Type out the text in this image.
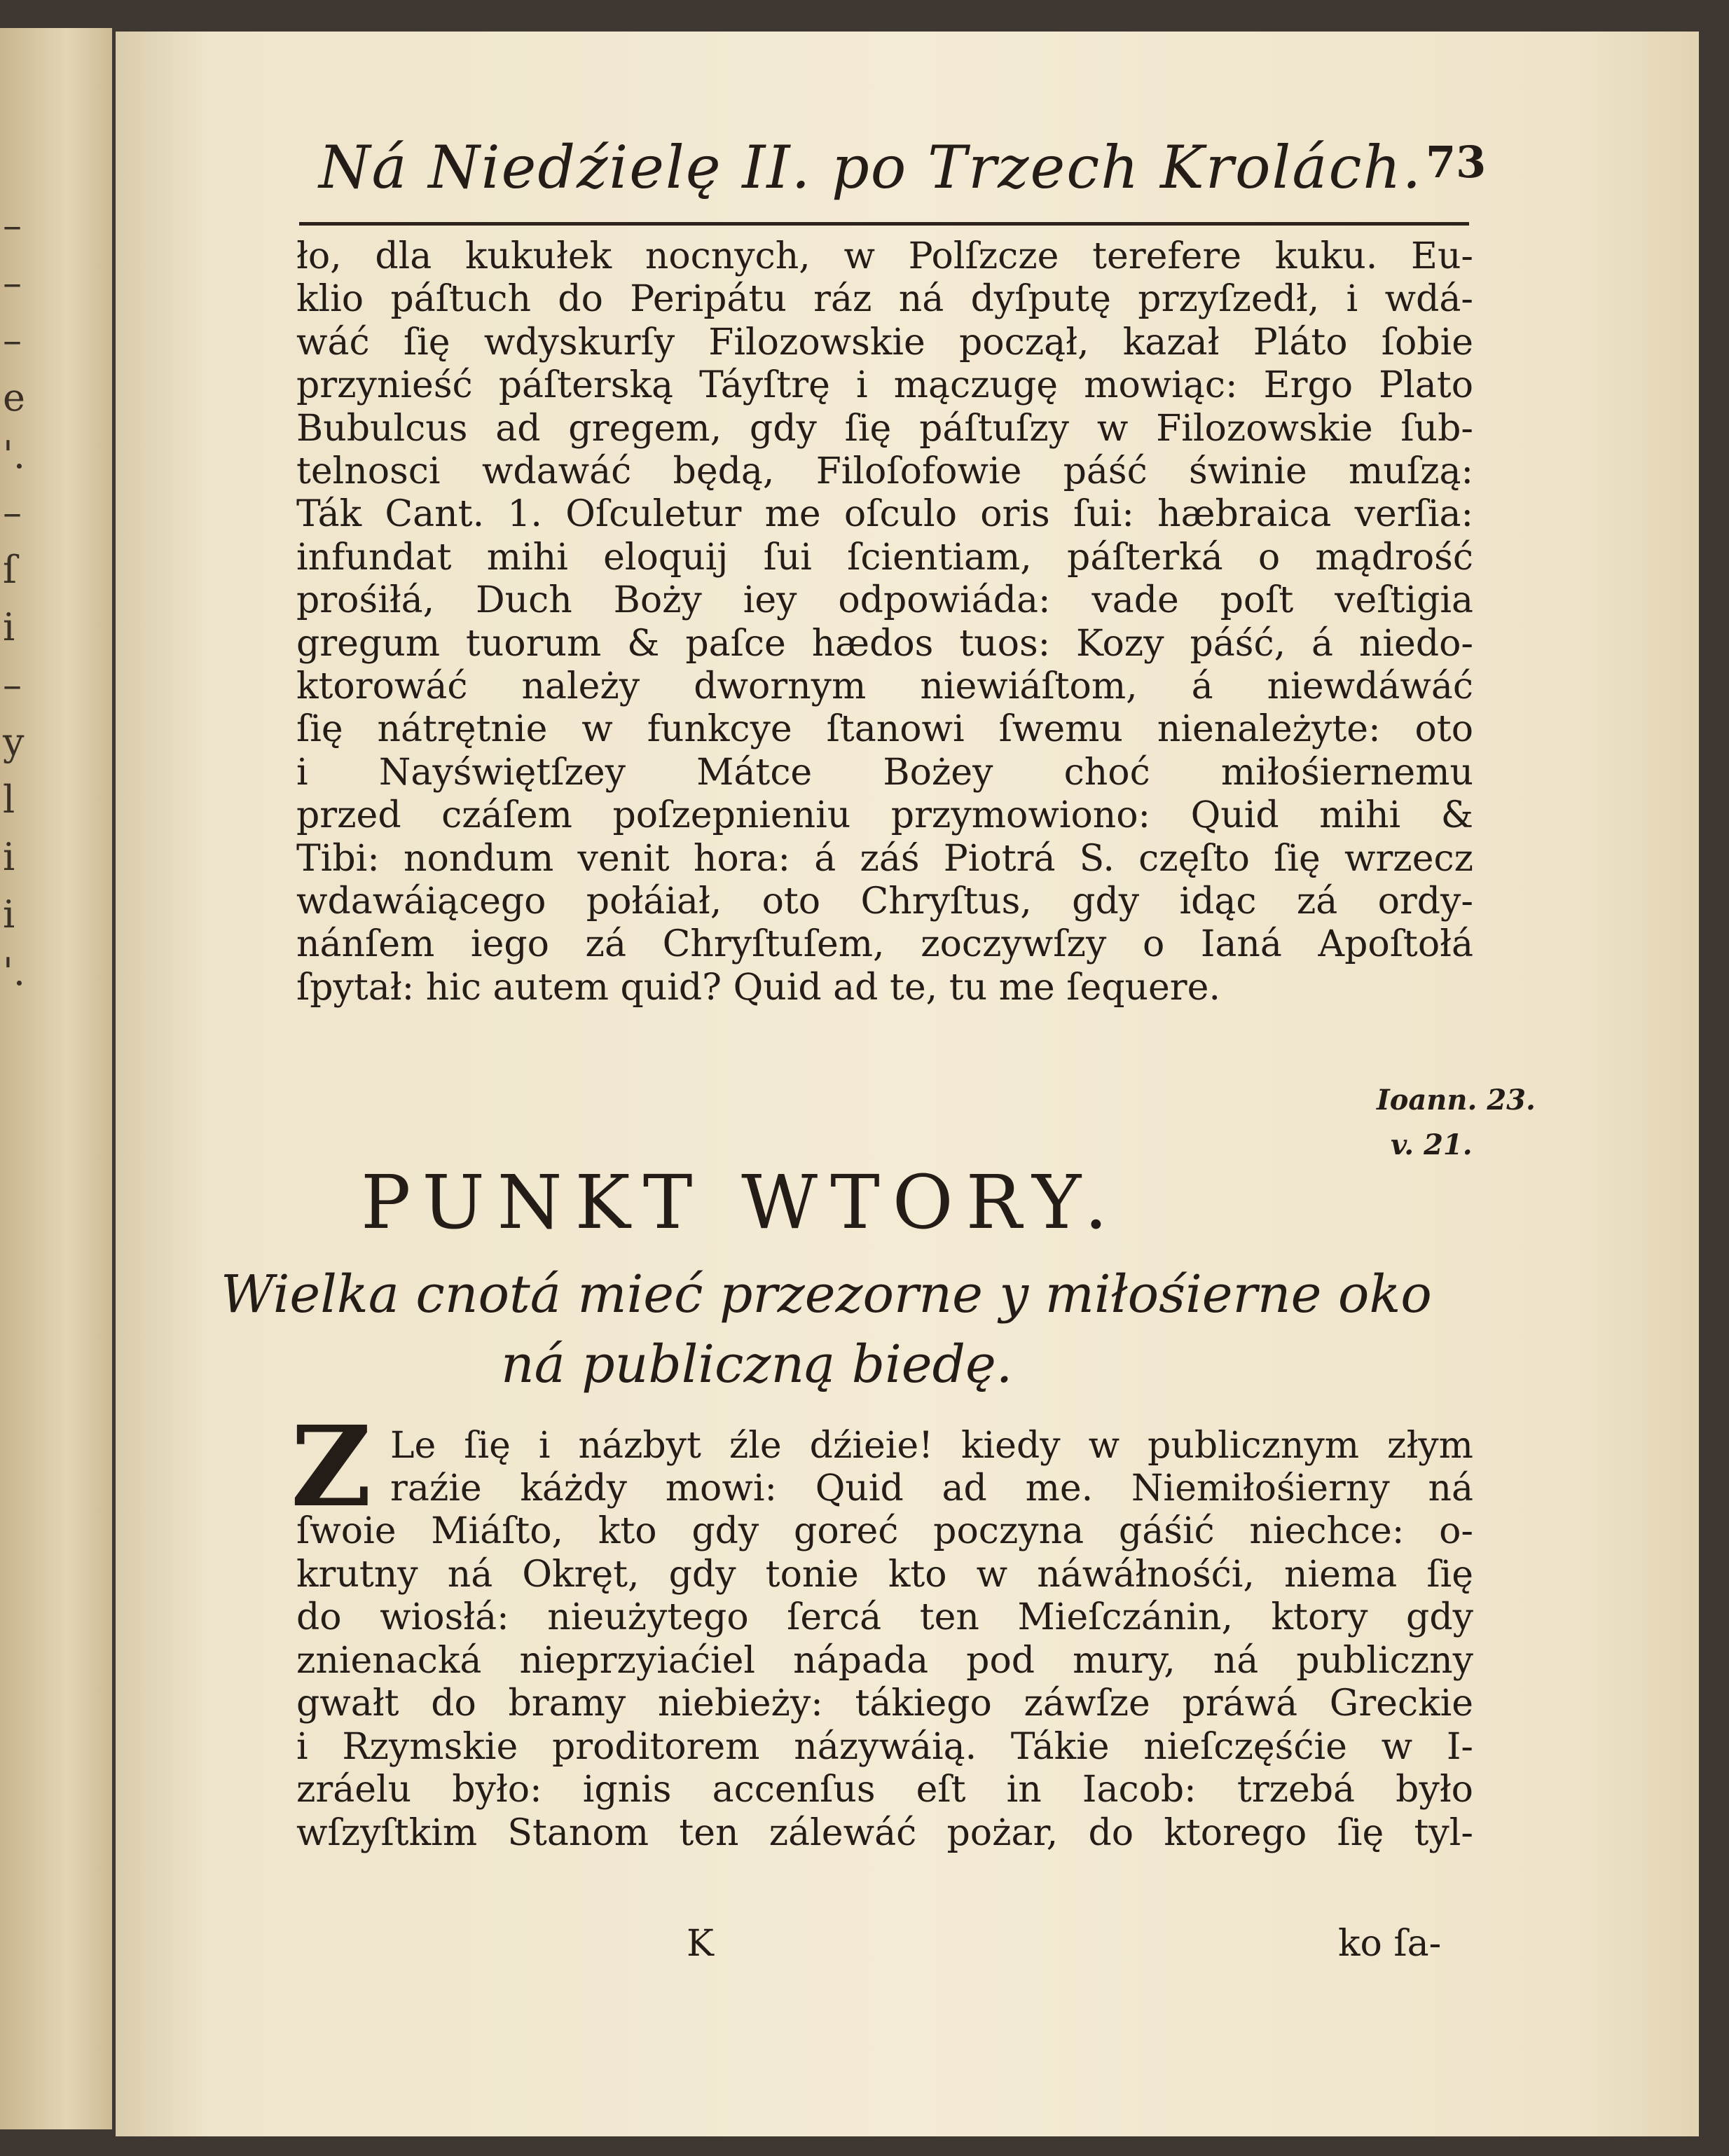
–
–
–
e
'.
–
ſ
i
–
y
l
i
i
'.
Ná Niedźielę II. po Trzech Krolách. 73
ło, dla kukułek nocnych, w Polſzcze terefere kuku. Eu-
klio páſtuch do Peripátu ráz ná dyſputę przyſzedł, i wdá-
wáć ſię wdyskurſy Filozowskie począł, kazał Pláto ſobie
przynieść páſterską Táyſtrę i mączugę mowiąc: Ergo Plato
Bubulcus ad gregem, gdy ſię páſtuſzy w Filozowskie ſub-
telnosci wdawáć będą, Filoſofowie páść świnie muſzą:
Ták Cant. 1. Oſculetur me oſculo oris ſui: hæbraica verſia:
infundat mihi eloquij ſui ſcientiam, páſterká o mądrość
prośiłá, Duch Boży iey odpowiáda: vade poſt veſtigia
gregum tuorum & paſce hædos tuos: Kozy páść, á niedo-
ktorowáć należy dwornym niewiáſtom, á niewdáwáć
ſię nátrętnie w funkcye ſtanowi ſwemu nienależyte: oto
i Nayświętſzey Mátce Bożey choć miłośiernemu
przed czáſem poſzepnieniu przymowiono: Quid mihi &
Tibi: nondum venit hora: á záś Piotrá S. częſto ſię wrzecz
wdawáiącego połáiał, oto Chryſtus, gdy idąc zá ordy-
nánſem iego zá Chryſtuſem, zoczywſzy o Ianá Apoſtołá
ſpytał: hic autem quid? Quid ad te, tu me ſequere.
Ioann. 23.
v. 21.
PUNKT WTORY.
Wielka cnotá mieć przezorne y miłośierne oko
ná publiczną biedę.
Z Le ſię i názbyt źle dźieie! kiedy w publicznym złym
raźie káżdy mowi: Quid ad me. Niemiłośierny ná
ſwoie Miáſto, kto gdy goreć poczyna gáśić niechce: o-
krutny ná Okręt, gdy tonie kto w náwáłnośći, niema ſię
do wiosłá: nieużytego ſercá ten Mieſczánin, ktory gdy
znienacká nieprzyiaćiel nápada pod mury, ná publiczny
gwałt do bramy niebieży: tákiego záwſze práwá Greckie
i Rzymskie proditorem názywáią. Tákie nieſczęśćie w I-
zráelu było: ignis accenſus eſt in Iacob: trzebá było
wſzyſtkim Stanom ten zálewáć pożar, do ktorego ſię tyl-
K	ko ſa-
